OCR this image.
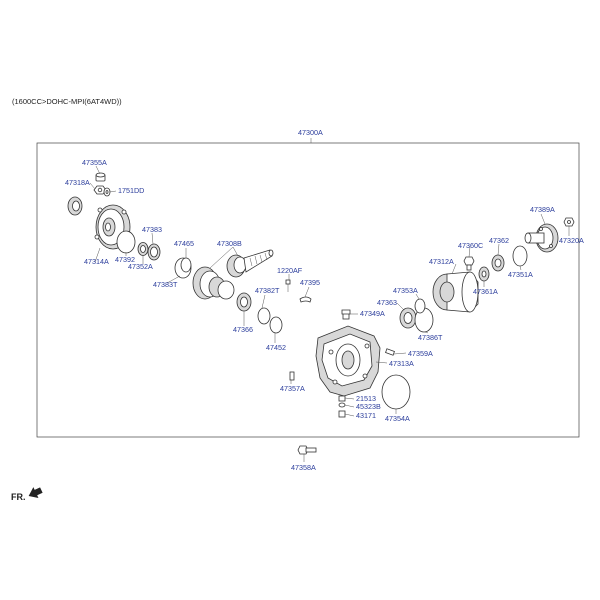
(1600CC>DOHC-MPI(6AT4WD))
47300A
47355A
47318A
1751DD
47383
47465	47308B
47314A 47392
47352A
47383T
1220AF
47395
47382T
47366
47452
47349A
47357A
21513
45323B
43171
47358A
47389A
47320A
47360C
47362
47312A
47351A
47361A
47353A
47363
47386T
47359A
47313A
47354A
FR.
